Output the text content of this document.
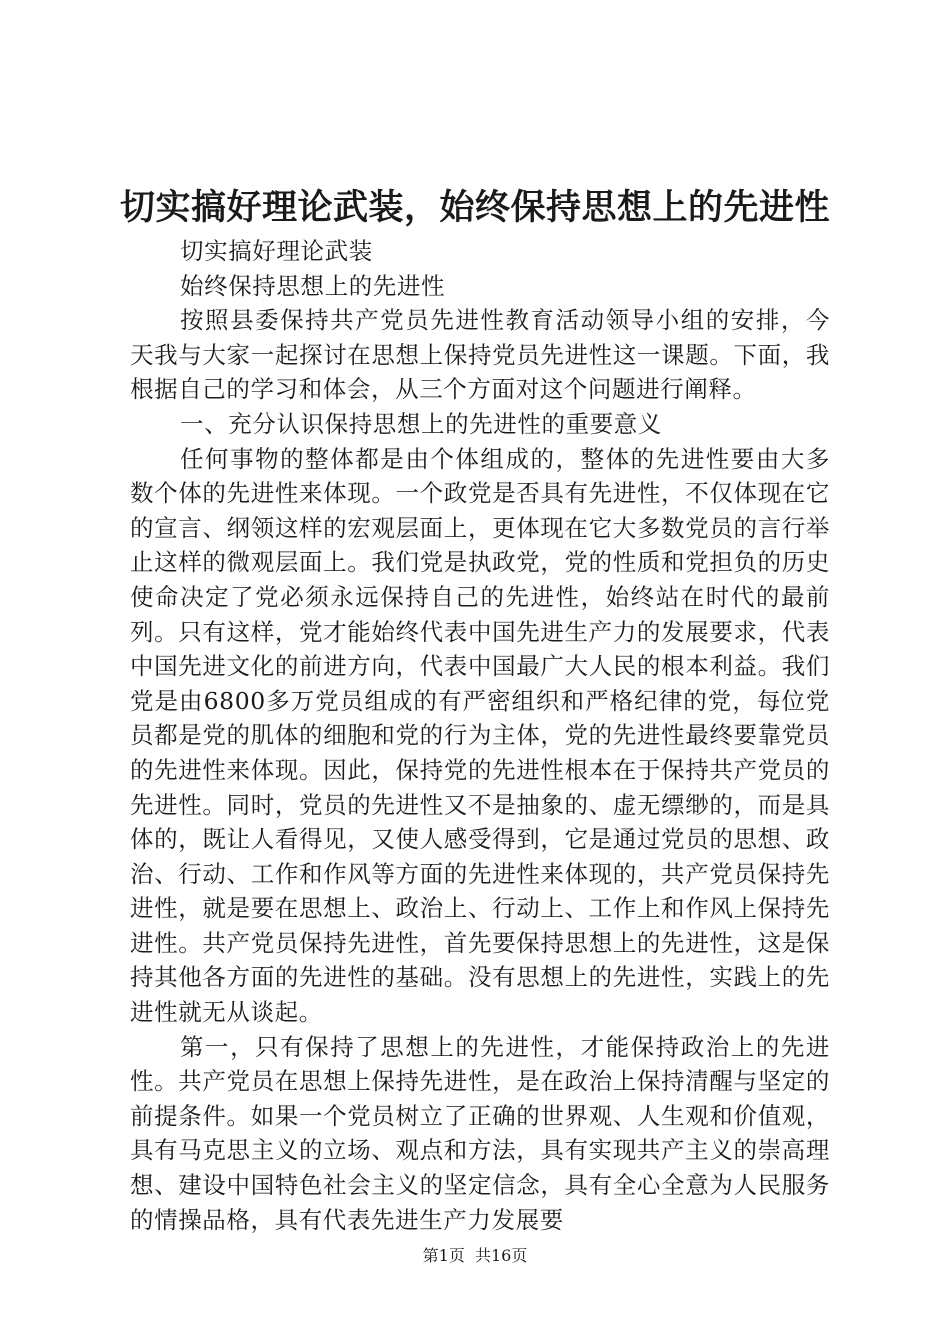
切实搞好理论武装，始终保持思想上的先进性

切实搞好理论武装

始终保持思想上的先进性

按照县委保持共产党员先进性教育活动领导小组的安排，今天我与大家一起探讨在思想上保持党员先进性这一课题。下面，我根据自己的学习和体会，从三个方面对这个问题进行阐释。

一、充分认识保持思想上的先进性的重要意义

任何事物的整体都是由个体组成的，整体的先进性要由大多数个体的先进性来体现。一个政党是否具有先进性，不仅体现在它的宣言、纲领这样的宏观层面上，更体现在它大多数党员的言行举止这样的微观层面上。我们党是执政党，党的性质和党担负的历史使命决定了党必须永远保持自己的先进性，始终站在时代的最前列。只有这样，党才能始终代表中国先进生产力的发展要求，代表中国先进文化的前进方向，代表中国最广大人民的根本利益。我们党是由6800多万党员组成的有严密组织和严格纪律的党，每位党员都是党的肌体的细胞和党的行为主体，党的先进性最终要靠党员的先进性来体现。因此，保持党的先进性根本在于保持共产党员的先进性。同时，党员的先进性又不是抽象的、虚无缥缈的，而是具体的，既让人看得见，又使人感受得到，它是通过党员的思想、政治、行动、工作和作风等方面的先进性来体现的，共产党员保持先进性，就是要在思想上、政治上、行动上、工作上和作风上保持先进性。共产党员保持先进性，首先要保持思想上的先进性，这是保持其他各方面的先进性的基础。没有思想上的先进性，实践上的先进性就无从谈起。

第一，只有保持了思想上的先进性，才能保持政治上的先进性。共产党员在思想上保持先进性，是在政治上保持清醒与坚定的前提条件。如果一个党员树立了正确的世界观、人生观和价值观，具有马克思主义的立场、观点和方法，具有实现共产主义的崇高理想、建设中国特色社会主义的坚定信念，具有全心全意为人民服务的情操品格，具有代表先进生产力发展要

第1页  共16页
